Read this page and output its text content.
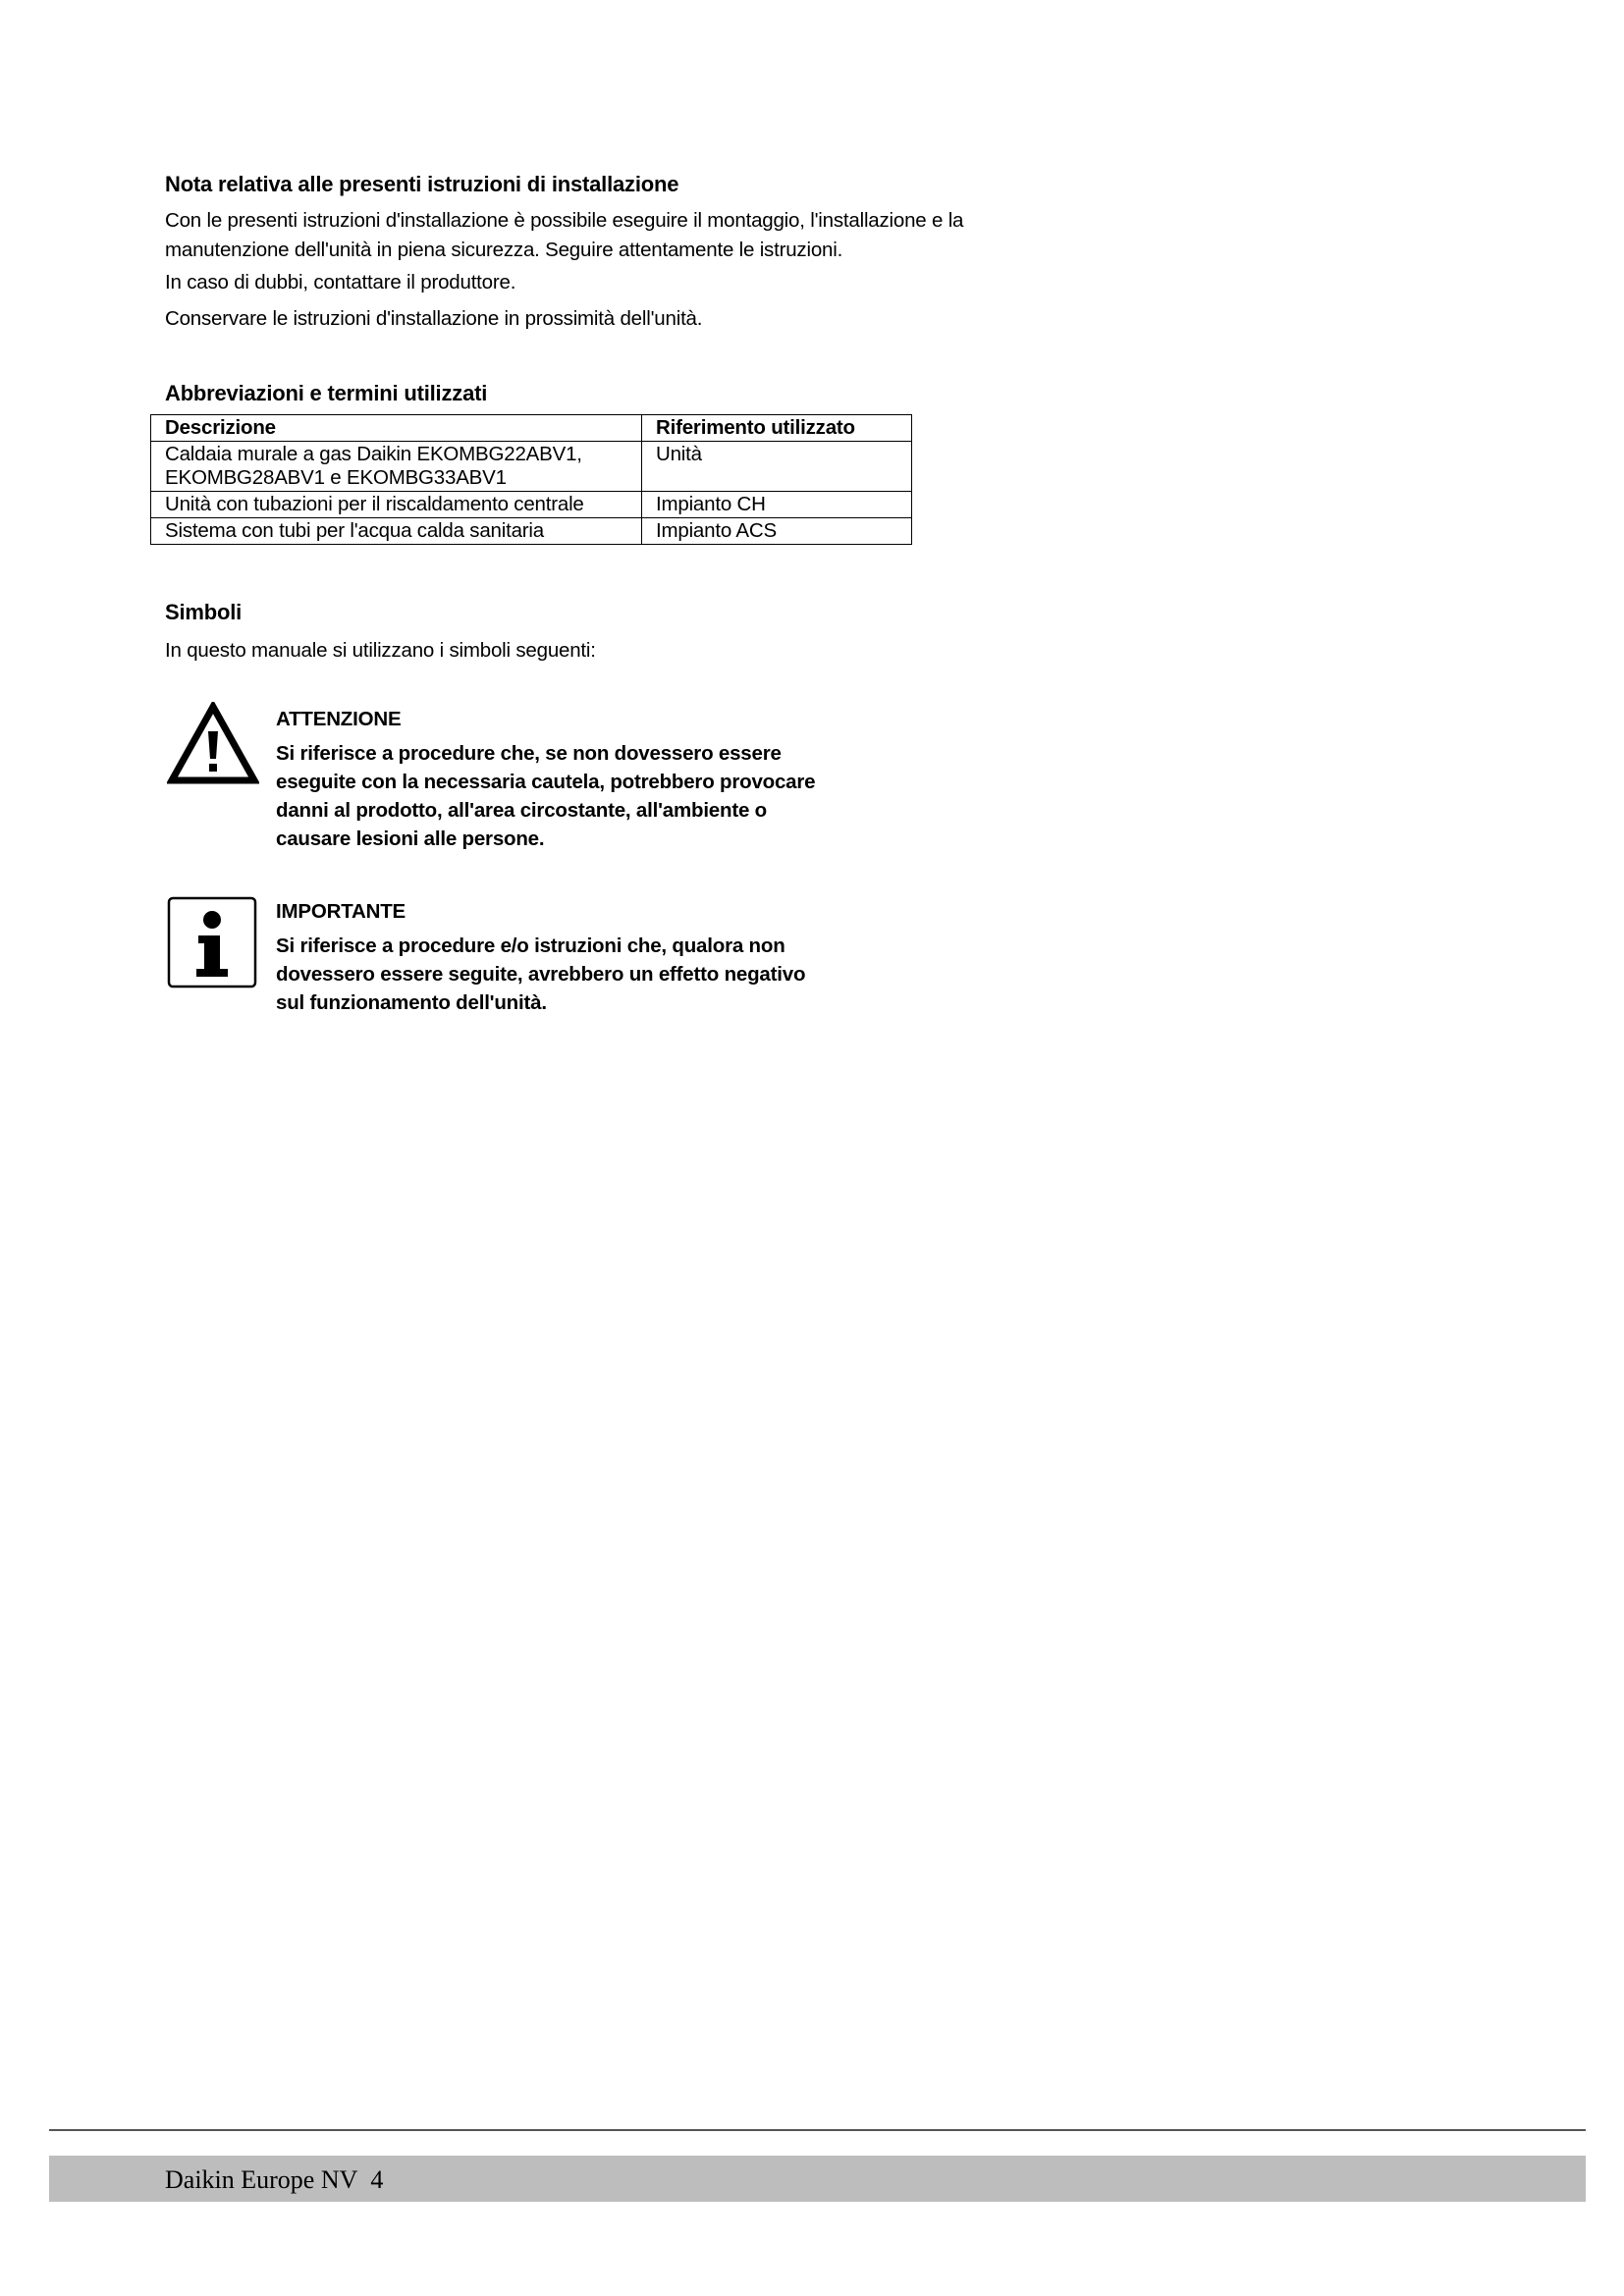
Nota relativa alle presenti istruzioni di installazione
Con le presenti istruzioni d'installazione è possibile eseguire il montaggio, l'installazione e la
manutenzione dell'unità in piena sicurezza. Seguire attentamente le istruzioni.
In caso di dubbi, contattare il produttore.
Conservare le istruzioni d'installazione in prossimità dell'unità.
Abbreviazioni e termini utilizzati
Descrizione	Riferimento utilizzato

Caldaia murale a gas Daikin EKOMBG22ABV1,
EKOMBG28ABV1 e EKOMBG33ABV1	Unità
Unità con tubazioni per il riscaldamento centrale	Impianto CH
Sistema con tubi per l'acqua calda sanitaria	Impianto ACS
Simboli
In questo manuale si utilizzano i simboli seguenti:
ATTENZIONE
Si riferisce a procedure che, se non dovessero essere
eseguite con la necessaria cautela, potrebbero provocare
danni al prodotto, all'area circostante, all'ambiente o
causare lesioni alle persone.
IMPORTANTE
Si riferisce a procedure e/o istruzioni che, qualora non
dovessero essere seguite, avrebbero un effetto negativo
sul funzionamento dell'unità.
Daikin Europe NV 4
